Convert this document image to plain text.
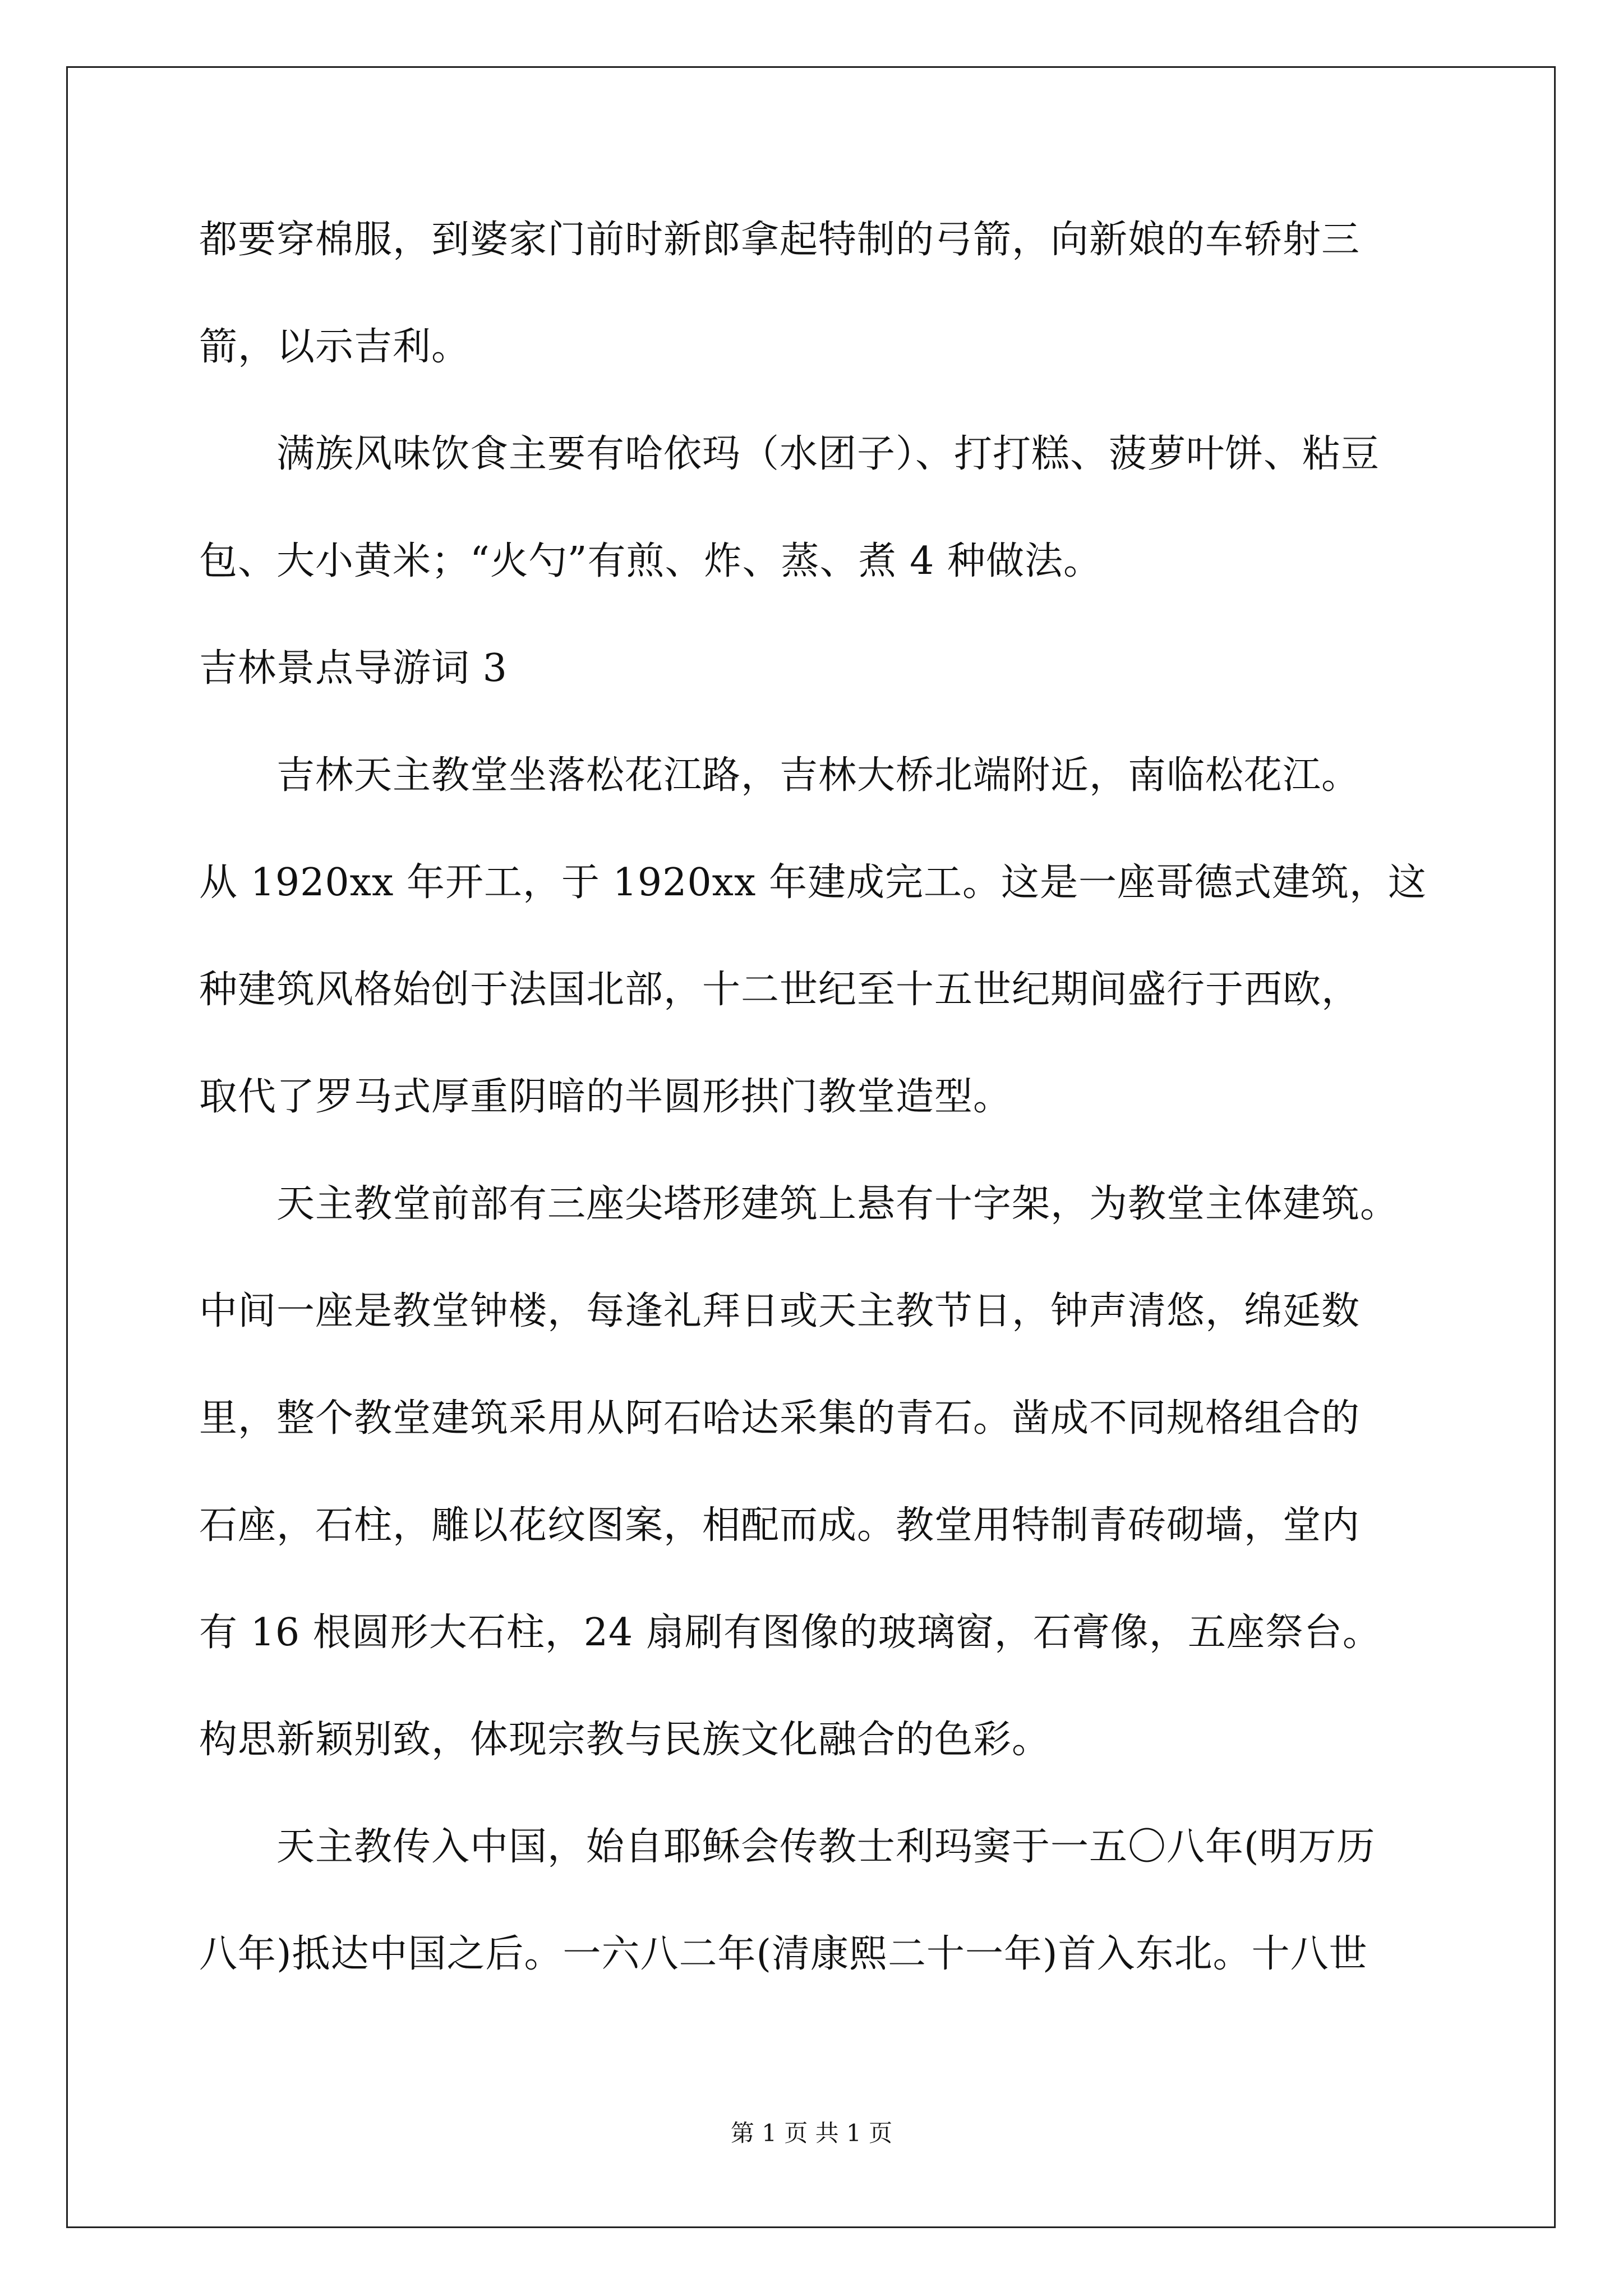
都要穿棉服，到婆家门前时新郎拿起特制的弓箭，向新娘的车轿射三
箭，以示吉利。
满族风味饮食主要有哈依玛（水团子）、打打糕、菠萝叶饼、粘豆
包、大小黄米；“火勺”有煎、炸、蒸、煮 4 种做法。
吉林景点导游词 3
吉林天主教堂坐落松花江路，吉林大桥北端附近，南临松花江。
从 1920xx 年开工，于 1920xx 年建成完工。这是一座哥德式建筑，这
种建筑风格始创于法国北部，十二世纪至十五世纪期间盛行于西欧，
取代了罗马式厚重阴暗的半圆形拱门教堂造型。
天主教堂前部有三座尖塔形建筑上悬有十字架，为教堂主体建筑。
中间一座是教堂钟楼，每逢礼拜日或天主教节日，钟声清悠，绵延数
里，整个教堂建筑采用从阿石哈达采集的青石。凿成不同规格组合的
石座，石柱，雕以花纹图案，相配而成。教堂用特制青砖砌墙，堂内
有 16 根圆形大石柱，24 扇刷有图像的玻璃窗，石膏像，五座祭台。
构思新颖别致，体现宗教与民族文化融合的色彩。
天主教传入中国，始自耶稣会传教士利玛窦于一五〇八年(明万历
八年)抵达中国之后。一六八二年(清康熙二十一年)首入东北。十八世
第 1 页 共 1 页
